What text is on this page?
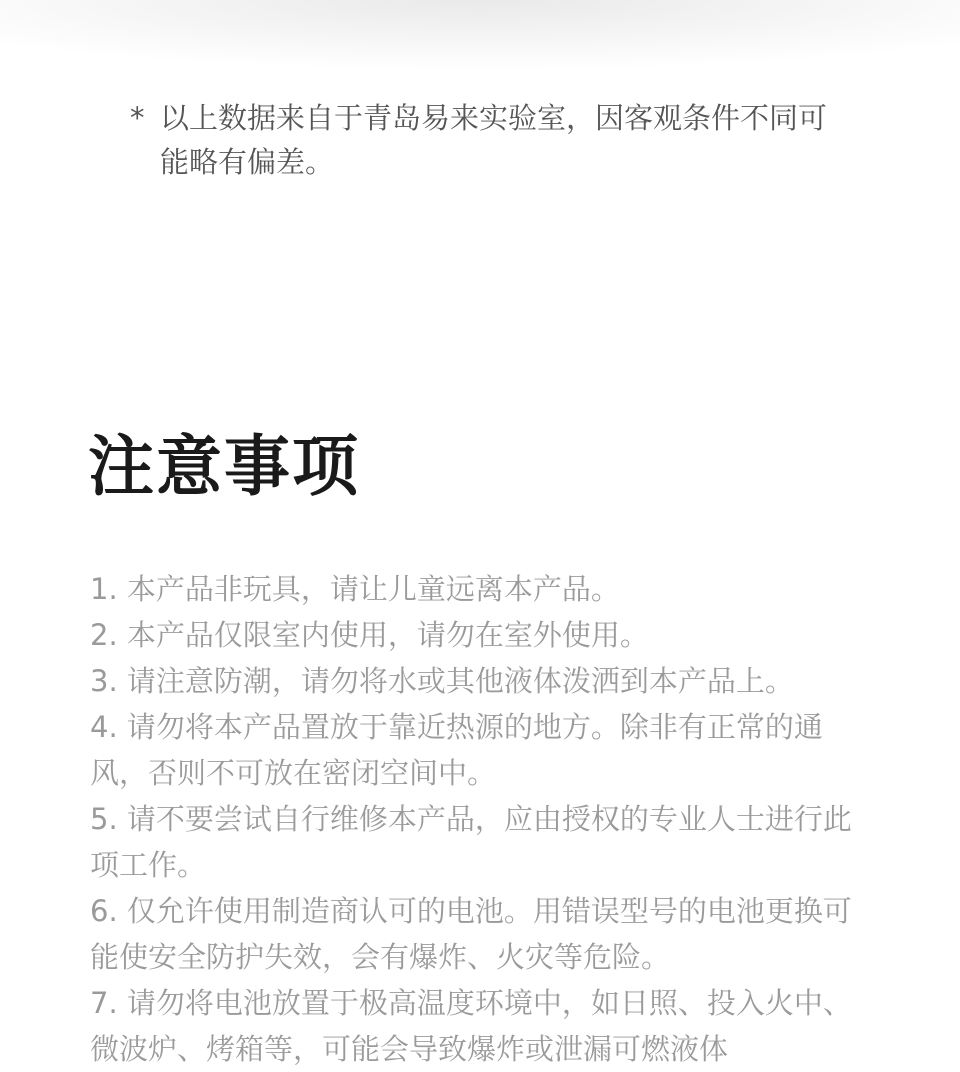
* 以上数据来自于青岛易来实验室，因客观条件不同可能略有偏差。
注意事项
1. 本产品非玩具，请让儿童远离本产品。
2. 本产品仅限室内使用，请勿在室外使用。
3. 请注意防潮，请勿将水或其他液体泼洒到本产品上。
4. 请勿将本产品置放于靠近热源的地方。除非有正常的通风，否则不可放在密闭空间中。
5. 请不要尝试自行维修本产品，应由授权的专业人士进行此项工作。
6. 仅允许使用制造商认可的电池。用错误型号的电池更换可能使安全防护失效，会有爆炸、火灾等危险。
7. 请勿将电池放置于极高温度环境中，如日照、投入火中、微波炉、烤箱等，可能会导致爆炸或泄漏可燃液体
